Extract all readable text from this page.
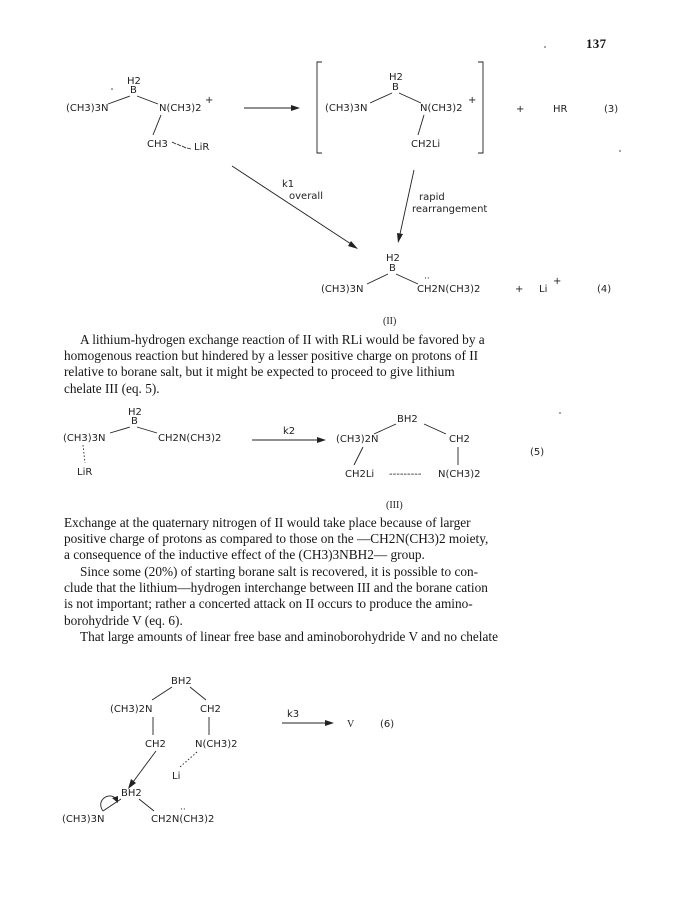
137
H2
B
(CH3)3N	N(CH3)2
+
CH3	LiR
H2
B
(CH3)3N	N(CH3)2
+
CH2Li
+	HR	(3)
k1
overall	rapid
rearrangement
H2
B
(CH3)3N
··
CH2N(CH3)2	+ Li
+
(4)
(II)
A lithium-hydrogen exchange reaction of II with RLi would be favored by a
homogenous reaction but hindered by a lesser positive charge on protons of II
relative to borane salt, but it might be expected to proceed to give lithium
chelate III (eq. 5).
H2
B
(CH3)3N	CH2N(CH3)2
LiR
k2
BH2
(CH3)2N	CH2
CH2Li --------- N(CH3)2
(5)
(III)
Exchange at the quaternary nitrogen of II would take place because of larger
positive charge of protons as compared to those on the —CH2N(CH3)2 moiety,
a consequence of the inductive effect of the (CH3)3NBH2— group.
Since some (20%) of starting borane salt is recovered, it is possible to con-
clude that the lithium—hydrogen interchange between III and the borane cation
is not important; rather a concerted attack on II occurs to produce the amino-
borohydride V (eq. 6).
That large amounts of linear free base and aminoborohydride V and no chelate
BH2
(CH3)2N	CH2
CH2	N(CH3)2
Li
BH2
(CH3)3N
··
CH2N(CH3)2
k3
V	(6)
